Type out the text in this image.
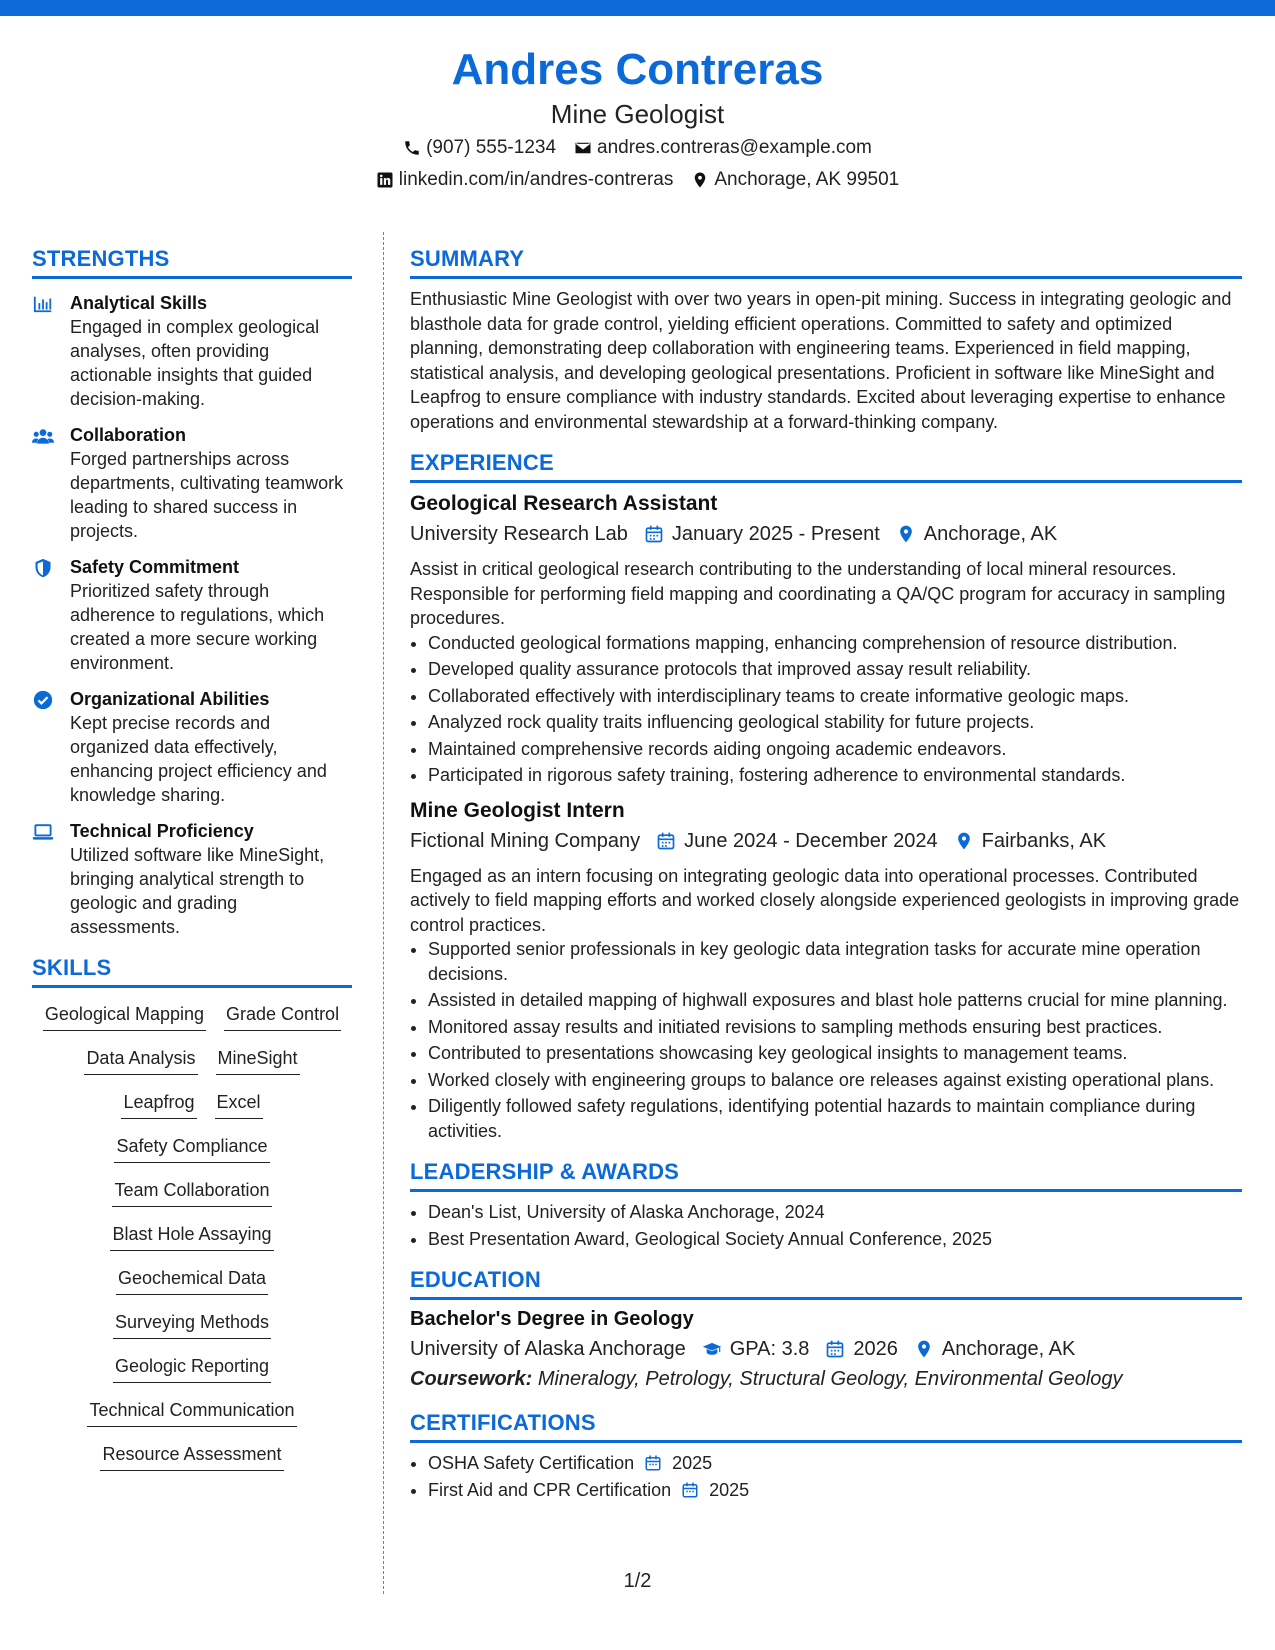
Andres Contreras
Mine Geologist
(907) 555-1234 andres.contreras@example.com
linkedin.com/in/andres-contreras Anchorage, AK 99501
STRENGTHS
Analytical Skills
Engaged in complex geological analyses, often providing actionable insights that guided decision-making.
Collaboration
Forged partnerships across departments, cultivating teamwork leading to shared success in projects.
Safety Commitment
Prioritized safety through adherence to regulations, which created a more secure working environment.
Organizational Abilities
Kept precise records and organized data effectively, enhancing project efficiency and knowledge sharing.
Technical Proficiency
Utilized software like MineSight, bringing analytical strength to geologic and grading assessments.
SKILLS
Geological Mapping Grade Control
Data Analysis MineSight
Leapfrog Excel
Safety Compliance
Team Collaboration
Blast Hole Assaying
Geochemical Data
Surveying Methods
Geologic Reporting
Technical Communication
Resource Assessment
SUMMARY
Enthusiastic Mine Geologist with over two years in open-pit mining. Success in integrating geologic and blasthole data for grade control, yielding efficient operations. Committed to safety and optimized planning, demonstrating deep collaboration with engineering teams. Experienced in field mapping, statistical analysis, and developing geological presentations. Proficient in software like MineSight and Leapfrog to ensure compliance with industry standards. Excited about leveraging expertise to enhance operations and environmental stewardship at a forward-thinking company.
EXPERIENCE
Geological Research Assistant
University Research Lab January 2025 - Present Anchorage, AK
Assist in critical geological research contributing to the understanding of local mineral resources. Responsible for performing field mapping and coordinating a QA/QC program for accuracy in sampling procedures.
• Conducted geological formations mapping, enhancing comprehension of resource distribution.
• Developed quality assurance protocols that improved assay result reliability.
• Collaborated effectively with interdisciplinary teams to create informative geologic maps.
• Analyzed rock quality traits influencing geological stability for future projects.
• Maintained comprehensive records aiding ongoing academic endeavors.
• Participated in rigorous safety training, fostering adherence to environmental standards.
Mine Geologist Intern
Fictional Mining Company June 2024 - December 2024 Fairbanks, AK
Engaged as an intern focusing on integrating geologic data into operational processes. Contributed actively to field mapping efforts and worked closely alongside experienced geologists in improving grade control practices.
• Supported senior professionals in key geologic data integration tasks for accurate mine operation decisions.
• Assisted in detailed mapping of highwall exposures and blast hole patterns crucial for mine planning.
• Monitored assay results and initiated revisions to sampling methods ensuring best practices.
• Contributed to presentations showcasing key geological insights to management teams.
• Worked closely with engineering groups to balance ore releases against existing operational plans.
• Diligently followed safety regulations, identifying potential hazards to maintain compliance during activities.
LEADERSHIP & AWARDS
• Dean's List, University of Alaska Anchorage, 2024
• Best Presentation Award, Geological Society Annual Conference, 2025
EDUCATION
Bachelor's Degree in Geology
University of Alaska Anchorage GPA: 3.8 2026 Anchorage, AK
Coursework: Mineralogy, Petrology, Structural Geology, Environmental Geology
CERTIFICATIONS
• OSHA Safety Certification 2025
• First Aid and CPR Certification 2025
1/2
